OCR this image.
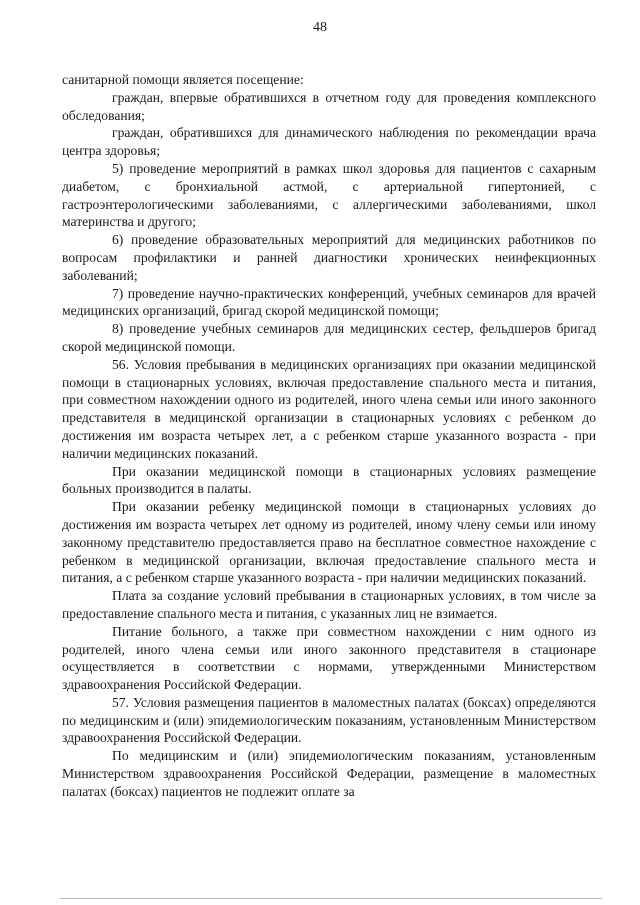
48

санитарной помощи является посещение:

граждан, впервые обратившихся в отчетном году для проведения комплексного обследования;

граждан, обратившихся для динамического наблюдения по рекомендации врача центра здоровья;

5) проведение мероприятий в рамках школ здоровья для пациентов с сахарным диабетом, с бронхиальной астмой, с артериальной гипертонией, с гастроэнтерологическими заболеваниями, с аллергическими заболеваниями, школ материнства и другого;

6) проведение образовательных мероприятий для медицинских работников по вопросам профилактики и ранней диагностики хронических неинфекционных заболеваний;

7) проведение научно-практических конференций, учебных семинаров для врачей медицинских организаций, бригад скорой медицинской помощи;

8) проведение учебных семинаров для медицинских сестер, фельдшеров бригад скорой медицинской помощи.

56. Условия пребывания в медицинских организациях при оказании медицинской помощи в стационарных условиях, включая предоставление спального места и питания, при совместном нахождении одного из родителей, иного члена семьи или иного законного представителя в медицинской организации в стационарных условиях с ребенком до достижения им возраста четырех лет, а с ребенком старше указанного возраста - при наличии медицинских показаний.

При оказании медицинской помощи в стационарных условиях размещение больных производится в палаты.

При оказании ребенку медицинской помощи в стационарных условиях до достижения им возраста четырех лет одному из родителей, иному члену семьи или иному законному представителю предоставляется право на бесплатное совместное нахождение с ребенком в медицинской организации, включая предоставление спального места и питания, а с ребенком старше указанного возраста - при наличии медицинских показаний.

Плата за создание условий пребывания в стационарных условиях, в том числе за предоставление спального места и питания, с указанных лиц не взимается.

Питание больного, а также при совместном нахождении с ним одного из родителей, иного члена семьи или иного законного представителя в стационаре осуществляется в соответствии с нормами, утвержденными Министерством здравоохранения Российской Федерации.

57. Условия размещения пациентов в маломестных палатах (боксах) определяются по медицинским и (или) эпидемиологическим показаниям, установленным Министерством здравоохранения Российской Федерации.

По медицинским и (или) эпидемиологическим показаниям, установленным Министерством здравоохранения Российской Федерации, размещение в маломестных палатах (боксах) пациентов не подлежит оплате за
